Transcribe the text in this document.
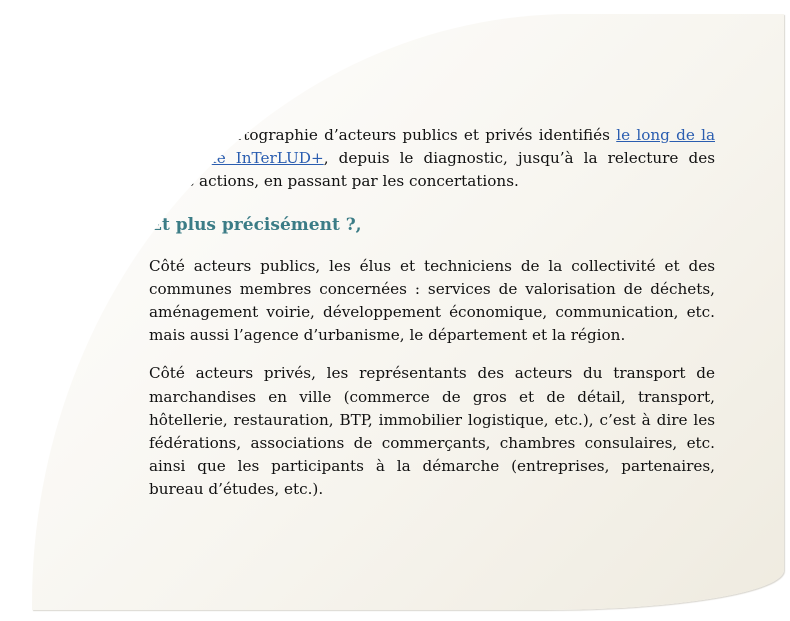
Qui inviter ?

Toute la cartographie d’acteurs publics et privés identifiés le long de la démarche InTerLUD+, depuis le diagnostic, jusqu’à la relecture des fiches actions, en passant par les concertations.

Et plus précisément ?,

Côté acteurs publics, les élus et techniciens de la collectivité et des communes membres concernées : services de valorisation de déchets, aménagement voirie, développement économique, communication, etc. mais aussi l’agence d’urbanisme, le département et la région.

Côté acteurs privés, les représentants des acteurs du transport de marchandises en ville (commerce de gros et de détail, transport, hôtellerie, restauration, BTP, immobilier logistique, etc.), c’est à dire les fédérations, associations de commerçants, chambres consulaires, etc. ainsi que les participants à la démarche (entreprises, partenaires, bureau d’études, etc.).
